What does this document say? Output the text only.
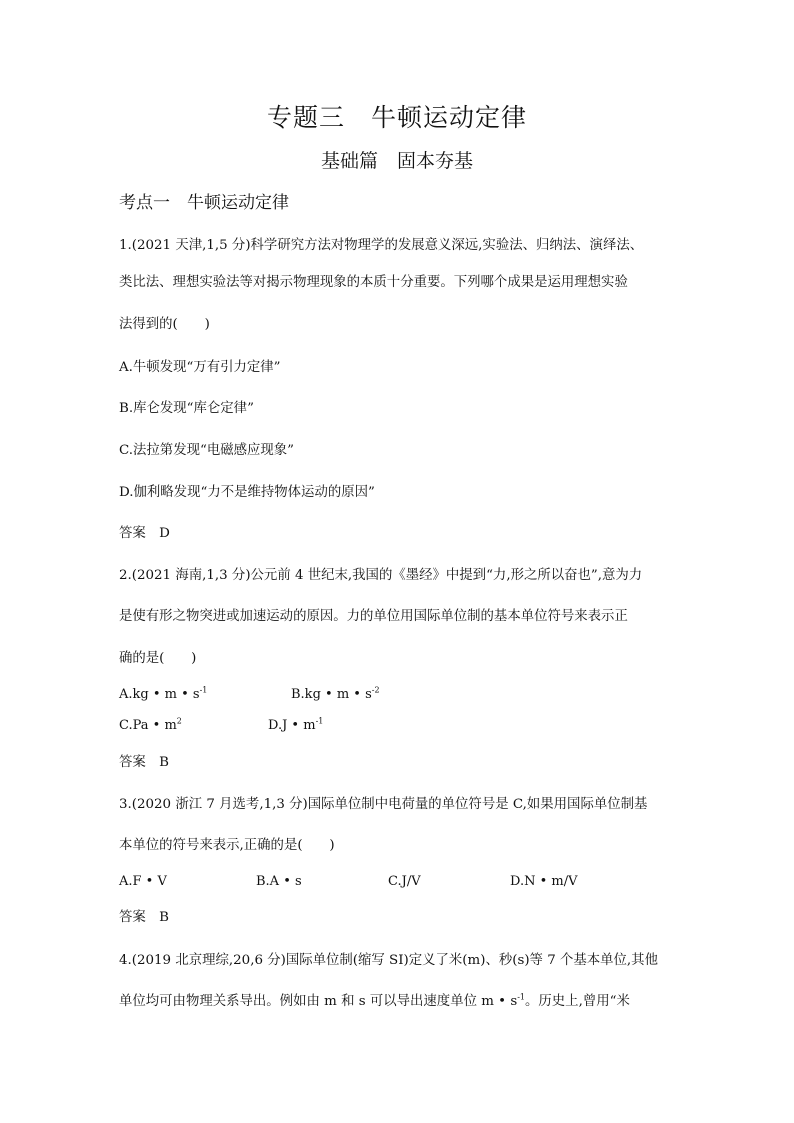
专题三　牛顿运动定律
基础篇　固本夯基
考点一　牛顿运动定律
1.(2021 天津,1,5 分)科学研究方法对物理学的发展意义深远,实验法、归纳法、演绎法、
类比法、理想实验法等对揭示物理现象的本质十分重要。下列哪个成果是运用理想实验
法得到的(　　)
A.牛顿发现“万有引力定律”
B.库仑发现“库仑定律”
C.法拉第发现“电磁感应现象”
D.伽利略发现“力不是维持物体运动的原因”
答案　D
2.(2021 海南,1,3 分)公元前 4 世纪末,我国的《墨经》中提到“力,形之所以奋也”,意为力
是使有形之物突进或加速运动的原因。力的单位用国际单位制的基本单位符号来表示正
确的是(　　)
A.kg • m • $s^{-1}$	B.kg • m • $s^{-2}$
C.Pa • $m^2$	D.J • $m^{-1}$
答案　B
3.(2020 浙江 7 月选考,1,3 分)国际单位制中电荷量的单位符号是 C,如果用国际单位制基
本单位的符号来表示,正确的是(　　)
A.F • V	B.A • s	C.J/V	D.N • m/V
答案　B
4.(2019 北京理综,20,6 分)国际单位制(缩写 SI)定义了米(m)、秒(s)等 7 个基本单位,其他
单位均可由物理关系导出。例如由 m 和 s 可以导出速度单位 m • $s^{-1}$。历史上,曾用“米
